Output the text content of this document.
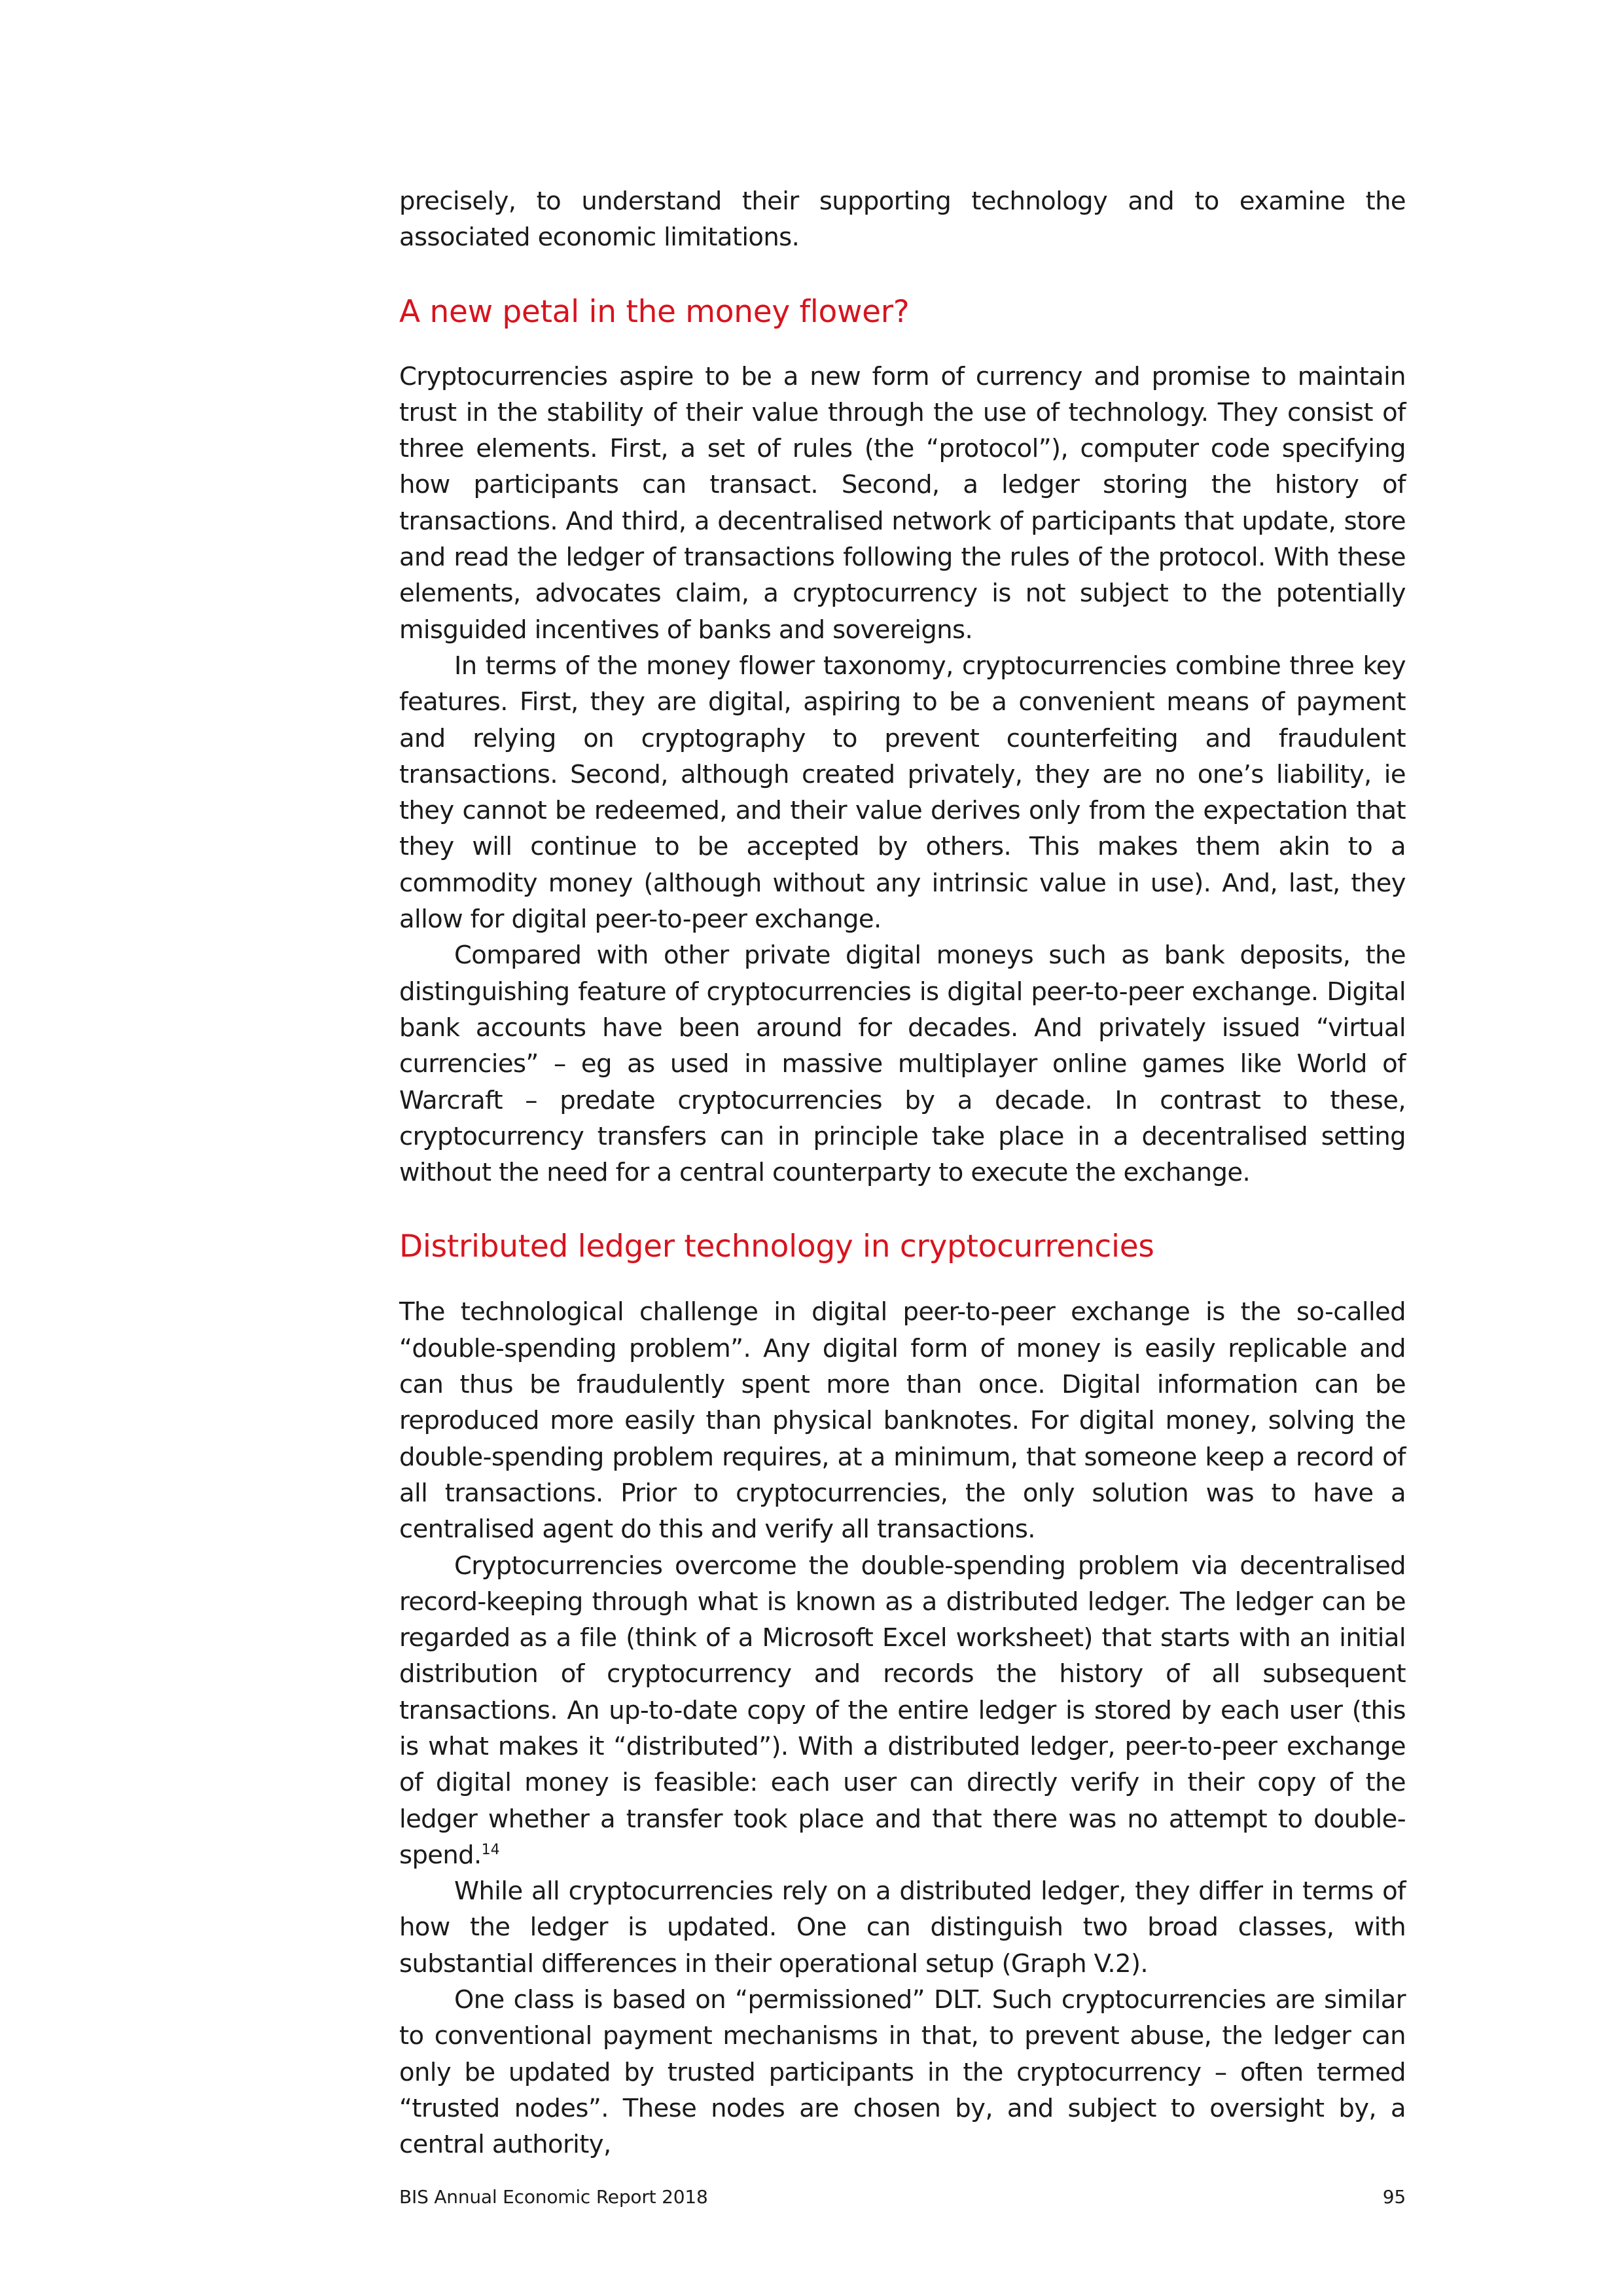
precisely, to understand their supporting technology and to examine the associated economic limitations.

A new petal in the money flower?

Cryptocurrencies aspire to be a new form of currency and promise to maintain trust in the stability of their value through the use of technology. They consist of three elements. First, a set of rules (the “protocol”), computer code specifying how participants can transact. Second, a ledger storing the history of transactions. And third, a decentralised network of participants that update, store and read the ledger of transactions following the rules of the protocol. With these elements, advocates claim, a cryptocurrency is not subject to the potentially misguided incentives of banks and sovereigns.

In terms of the money flower taxonomy, cryptocurrencies combine three key features. First, they are digital, aspiring to be a convenient means of payment and relying on cryptography to prevent counterfeiting and fraudulent transactions. Second, although created privately, they are no one’s liability, ie they cannot be redeemed, and their value derives only from the expectation that they will continue to be accepted by others. This makes them akin to a commodity money (although without any intrinsic value in use). And, last, they allow for digital peer-to-peer exchange.

Compared with other private digital moneys such as bank deposits, the distinguishing feature of cryptocurrencies is digital peer-to-peer exchange. Digital bank accounts have been around for decades. And privately issued “virtual currencies” – eg as used in massive multiplayer online games like World of Warcraft – predate cryptocurrencies by a decade. In contrast to these, cryptocurrency transfers can in principle take place in a decentralised setting without the need for a central counterparty to execute the exchange.

Distributed ledger technology in cryptocurrencies

The technological challenge in digital peer-to-peer exchange is the so-called “double-spending problem”. Any digital form of money is easily replicable and can thus be fraudulently spent more than once. Digital information can be reproduced more easily than physical banknotes. For digital money, solving the double-spending problem requires, at a minimum, that someone keep a record of all transactions. Prior to cryptocurrencies, the only solution was to have a centralised agent do this and verify all transactions.

Cryptocurrencies overcome the double-spending problem via decentralised record-keeping through what is known as a distributed ledger. The ledger can be regarded as a file (think of a Microsoft Excel worksheet) that starts with an initial distribution of cryptocurrency and records the history of all subsequent transactions. An up-to-date copy of the entire ledger is stored by each user (this is what makes it “distributed”). With a distributed ledger, peer-to-peer exchange of digital money is feasible: each user can directly verify in their copy of the ledger whether a transfer took place and that there was no attempt to double-spend.$^{14}$

While all cryptocurrencies rely on a distributed ledger, they differ in terms of how the ledger is updated. One can distinguish two broad classes, with substantial differences in their operational setup (Graph V.2).

One class is based on “permissioned” DLT. Such cryptocurrencies are similar to conventional payment mechanisms in that, to prevent abuse, the ledger can only be updated by trusted participants in the cryptocurrency – often termed “trusted nodes”. These nodes are chosen by, and subject to oversight by, a central authority,

BIS Annual Economic Report 2018	95
